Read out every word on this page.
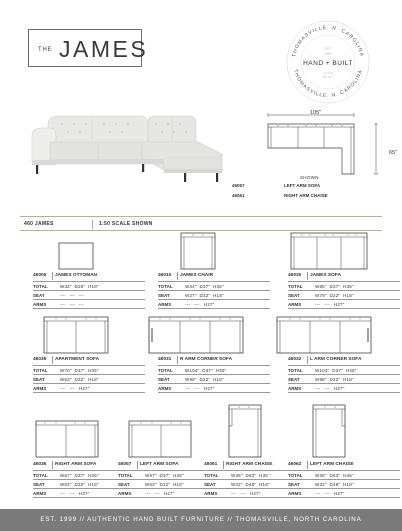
THE JAMES	THOMASVILLE, N. CAROLINA
THOMASVILLE, N. CAROLINA
EST.
1999
HAND + BUILT
HAND
BUILT
105"
65"
SHOWN
46057	LEFT ARM SOFA
46061	RIGHT ARM CHAISE
460 JAMES	1:50 SCALE SHOWN
46005 JAMES OTTOMAN
TOTAL	W32"  D26"  H18"
SEAT	---   ---   ---
ARMS	---   ---   ---
46010 JAMES CHAIR
TOTAL	W34"  D37"  H36"
SEAT	W27"  D22"  H18"
ARMS	---   ---   H27"
46030 JAMES SOFA
TOTAL	W85"  D37"  H36"
SEAT	W78"  D22"  H18"
ARMS	---   ---   H27"
46035 APARTMENT SOFA
TOTAL	W70"  D37"  H36"
SEAT	W63"  D22"  H18"
ARMS	---   ---   H27"
46031 R ARM CORNER SOFA
TOTAL	W104"  D37"  H36"
SEAT	W98"  D22"  H18"
ARMS	---   ---   H27"
46032 L ARM CORNER SOFA
TOTAL	W104"  D37"  H36"
SEAT	W98"  D22"  H18"
ARMS	---   ---   H27"
46036 RIGHT ARM SOFA
TOTAL	W67"  D37"  H36"
SEAT	W63"  D22"  H18"
ARMS	---   ---   H27"
46057 LEFT ARM SOFA
TOTAL	W67"  D37"  H36"
SEAT	W63"  D22"  H18"
ARMS	---   ---   H27"
46061 RIGHT ARM CHAISE
TOTAL	W36"  D63"  H36"
SEAT	W32"  D48"  H18"
ARMS	---   ---   H27"
46062 LEFT ARM CHAISE
TOTAL	W36"  D63"  H36"
SEAT	W32"  D48"  H18"
ARMS	---   ---   H27"
EST. 1999 // AUTHENTIC HAND BUILT FURNITURE // THOMASVILLE, NORTH CAROLINA
